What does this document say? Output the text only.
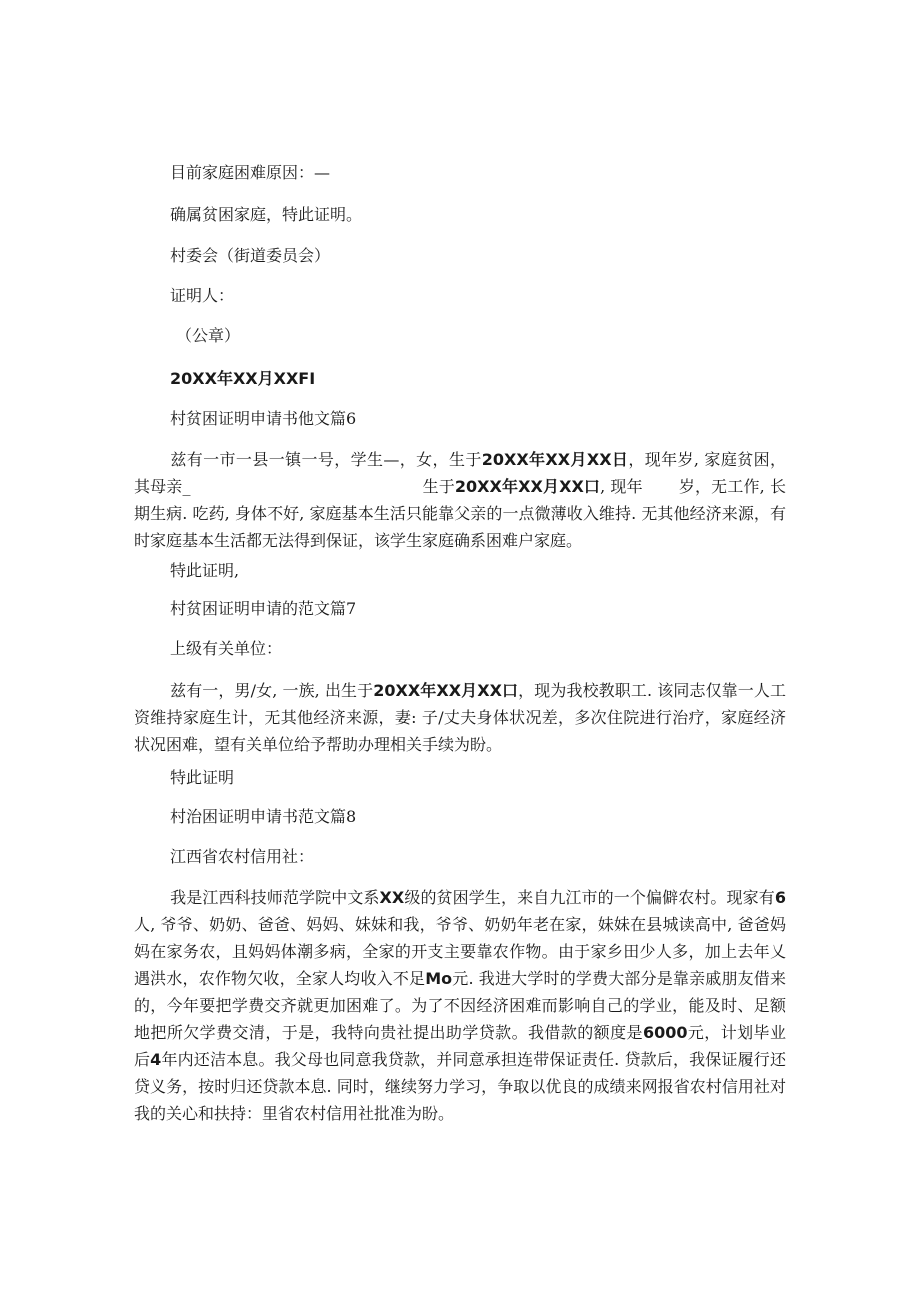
目前家庭困难原因：—
确属贫困家庭，特此证明。
村委会（街道委员会）
证明人：
（公章）
20XX年XX月XXFI
村贫困证明申请书他文篇6
兹有一市一县一镇一号，学生—，女，生于20XX年XX月XX日，现年岁, 家庭贫困，其母亲_	生于20XX年XX月XX口, 现年 岁，无工作, 长期生病. 吃药, 身体不好, 家庭基本生活只能靠父亲的一点微薄收入维持. 无其他经济来源，有时家庭基本生活都无法得到保证，该学生家庭确系困难户家庭。
特此证明,
村贫困证明申请的范文篇7
上级有关单位：
兹有一，男/女, 一族, 出生于20XX年XX月XX口，现为我校教职工. 该同志仅靠一人工资维持家庭生计，无其他经济来源，妻: 子/丈夫身体状况差，多次住院进行治疗，家庭经济状况困难，望有关单位给予帮助办理相关手续为盼。
特此证明
村治困证明申请书范文篇8
江西省农村信用社：
我是江西科技师范学院中文系XX级的贫困学生，来自九江市的一个偏僻农村。现家有6人, 爷爷、奶奶、爸爸、妈妈、妹妹和我，爷爷、奶奶年老在家，妹妹在县城读高中, 爸爸妈妈在家务农，且妈妈体潮多病，全家的开支主要靠农作物。由于家乡田少人多，加上去年乂遇洪水，农作物欠收，全家人均收入不足Mo元. 我进大学时的学费大部分是靠亲戚朋友借来的，今年要把学费交齐就更加困难了。为了不因经济困难而影响自己的学业，能及时、足额地把所欠学费交清，于是，我特向贵社提出助学贷款。我借款的额度是6000元，计划毕业后4年内还洁本息。我父母也同意我贷款，并同意承担连带保证责任. 贷款后，我保证履行还贷义务，按时归还贷款本息. 同时，继续努力学习，争取以优良的成绩来网报省农村信用社对我的关心和扶持：里省农村信用社批准为盼。
